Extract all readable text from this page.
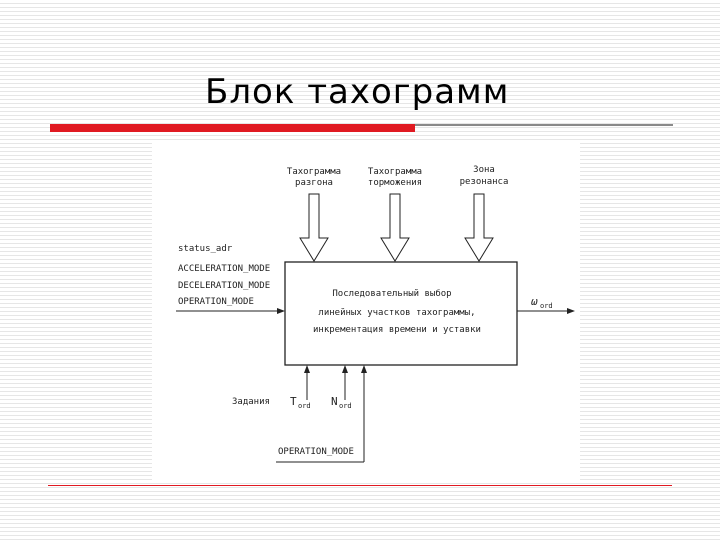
Блок тахограмм
Тахограмма
разгона
Тахограмма
торможения
Зона
резонанса
status_adr
ACCELERATION_MODE
DECELERATION_MODE
OPERATION_MODE
Последовательный выбор
линейных участков тахограммы,
инкрементация времени и уставки
ω ord
Задания T ord N ord
OPERATION_MODE
